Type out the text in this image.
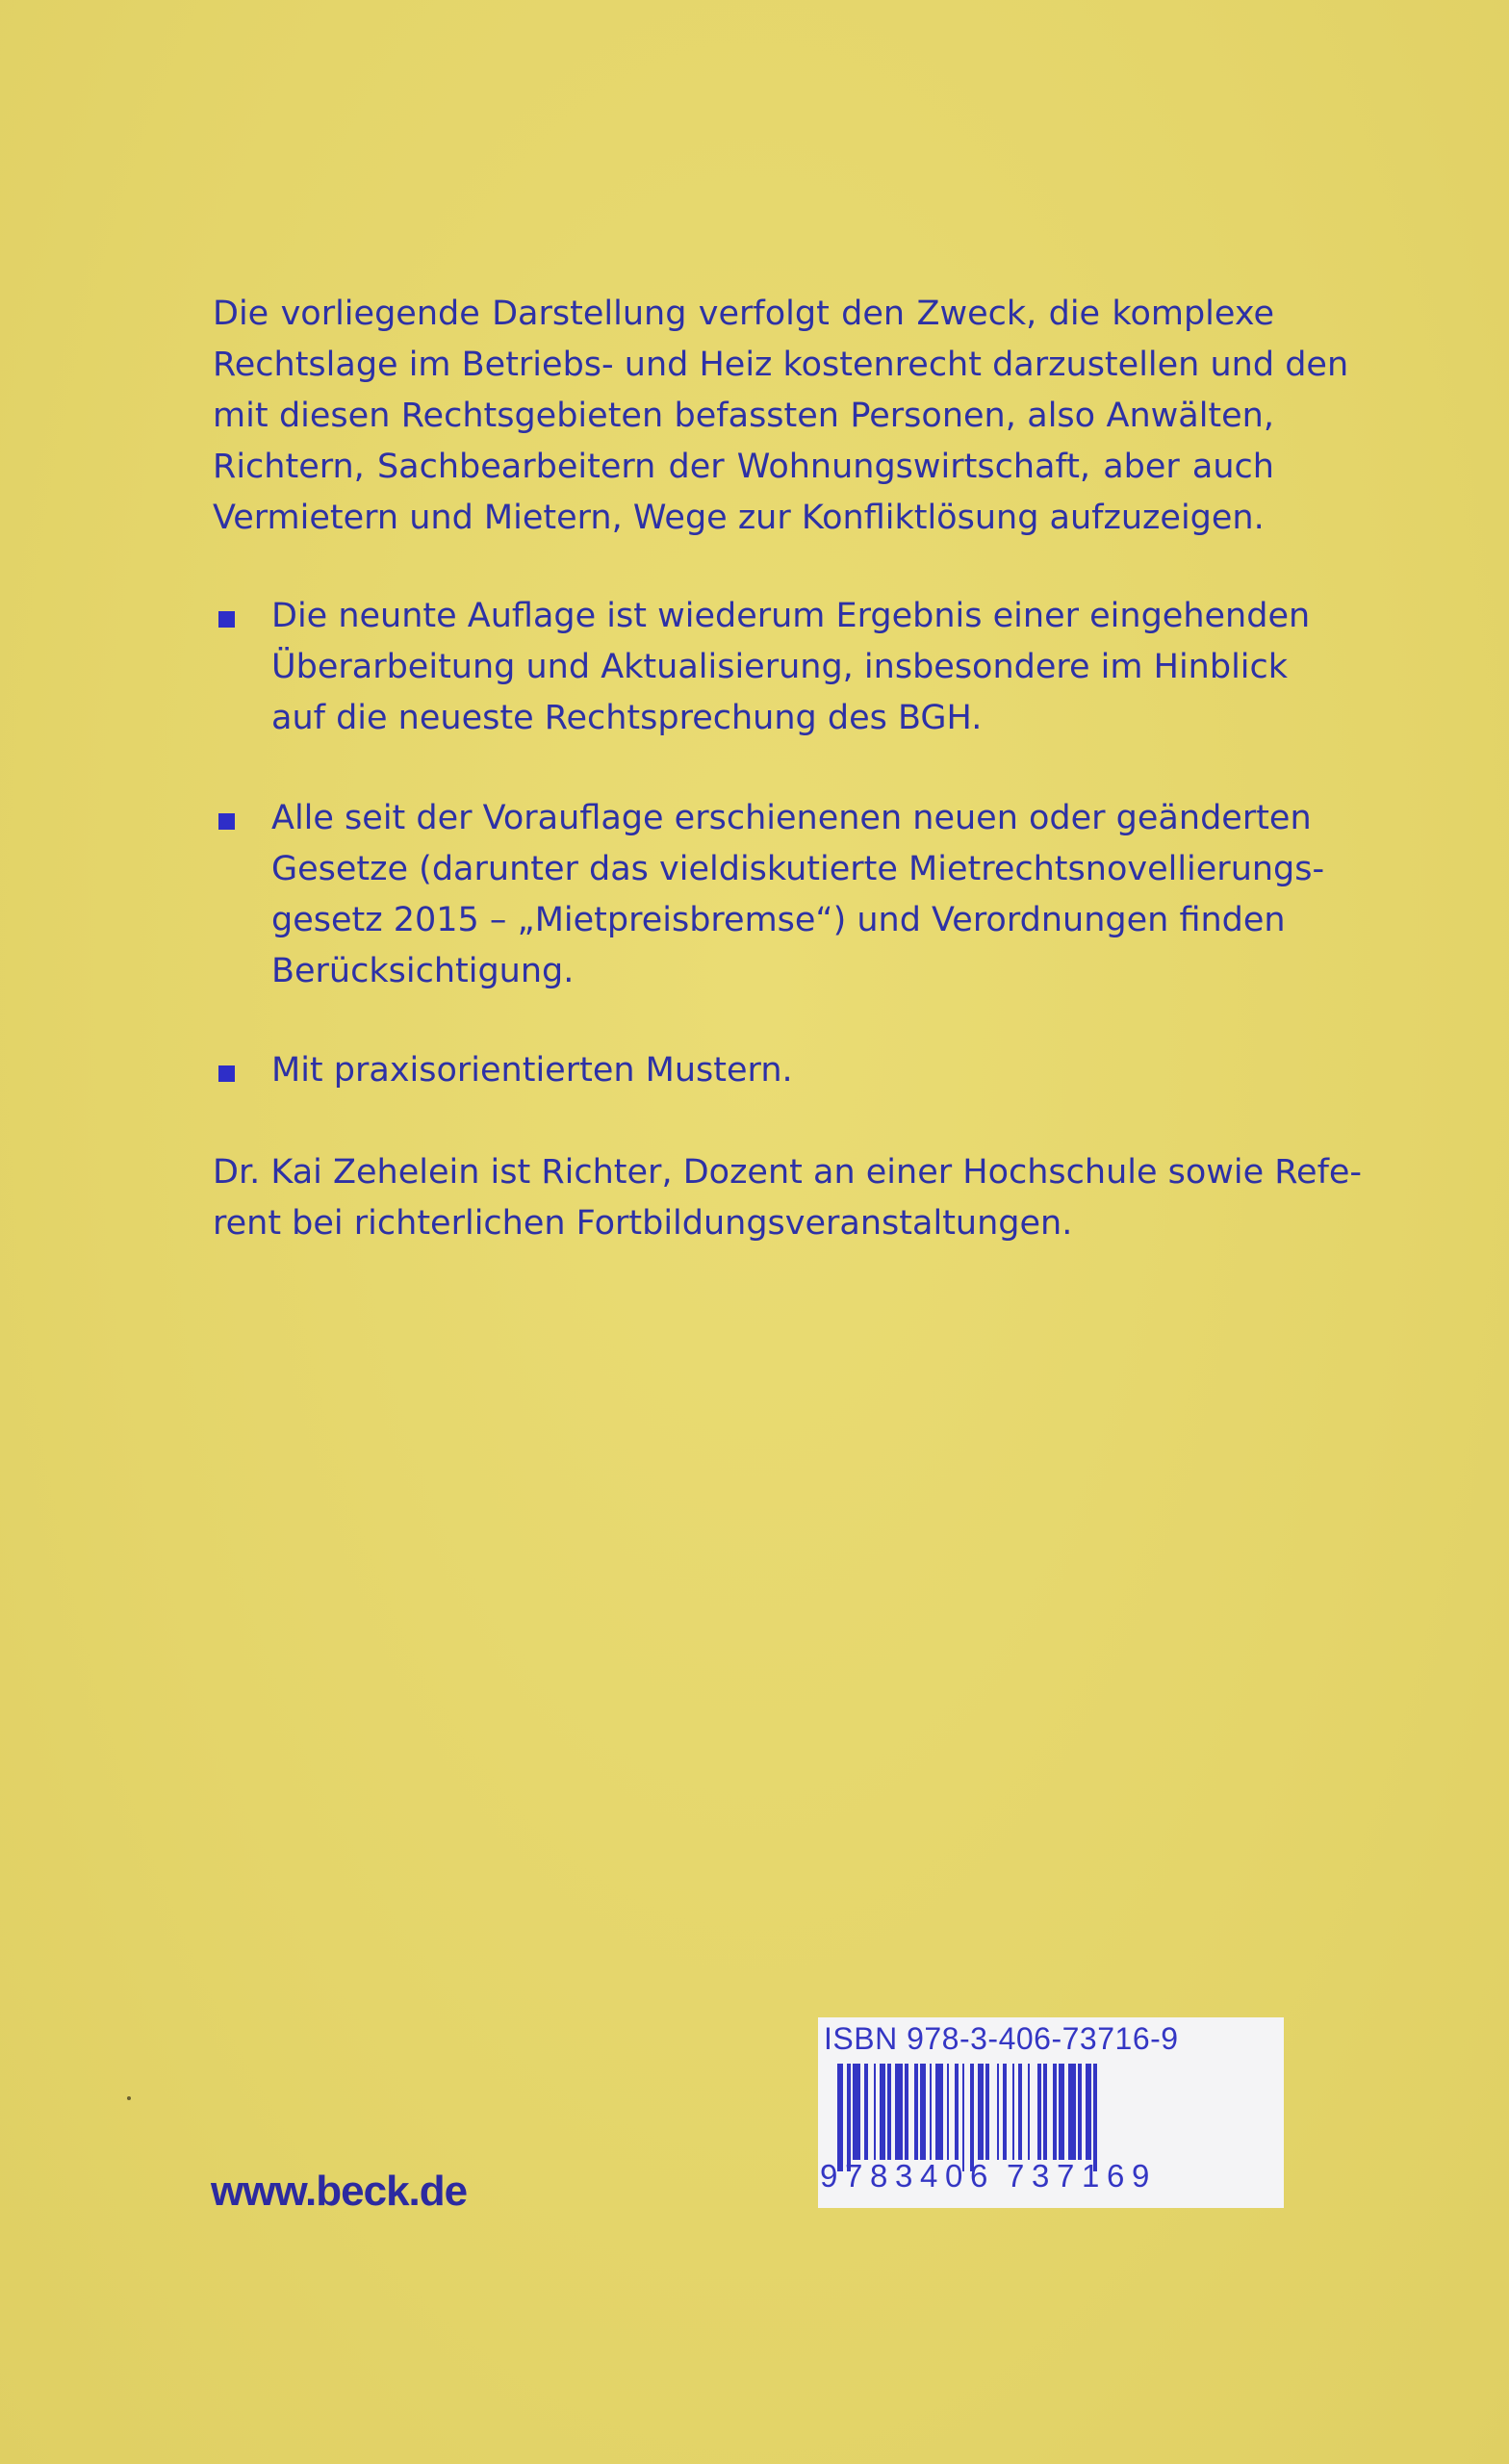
Die vorliegende Darstellung verfolgt den Zweck, die komplexe
Rechtslage im Betriebs- und Heiz kostenrecht darzustellen und den
mit diesen Rechtsgebieten befassten Personen, also Anwälten,
Richtern, Sachbearbeitern der Wohnungswirtschaft, aber auch
Vermietern und Mietern, Wege zur Konfliktlösung aufzuzeigen.
Die neunte Auflage ist wiederum Ergebnis einer eingehenden
Überarbeitung und Aktualisierung, insbesondere im Hinblick
auf die neueste Rechtsprechung des BGH.
Alle seit der Vorauflage erschienenen neuen oder geänderten
Gesetze (darunter das vieldiskutierte Mietrechtsnovellierungs-
gesetz 2015 – „Mietpreisbremse“) und Verordnungen finden
Berücksichtigung.
Mit praxisorientierten Mustern.
Dr. Kai Zehelein ist Richter, Dozent an einer Hochschule sowie Refe-
rent bei richterlichen Fortbildungsveranstaltungen.
ISBN 978-3-406-73716-9
9 7 8 3 4 0 6 7 3 7 1 6 9
www.beck.de
